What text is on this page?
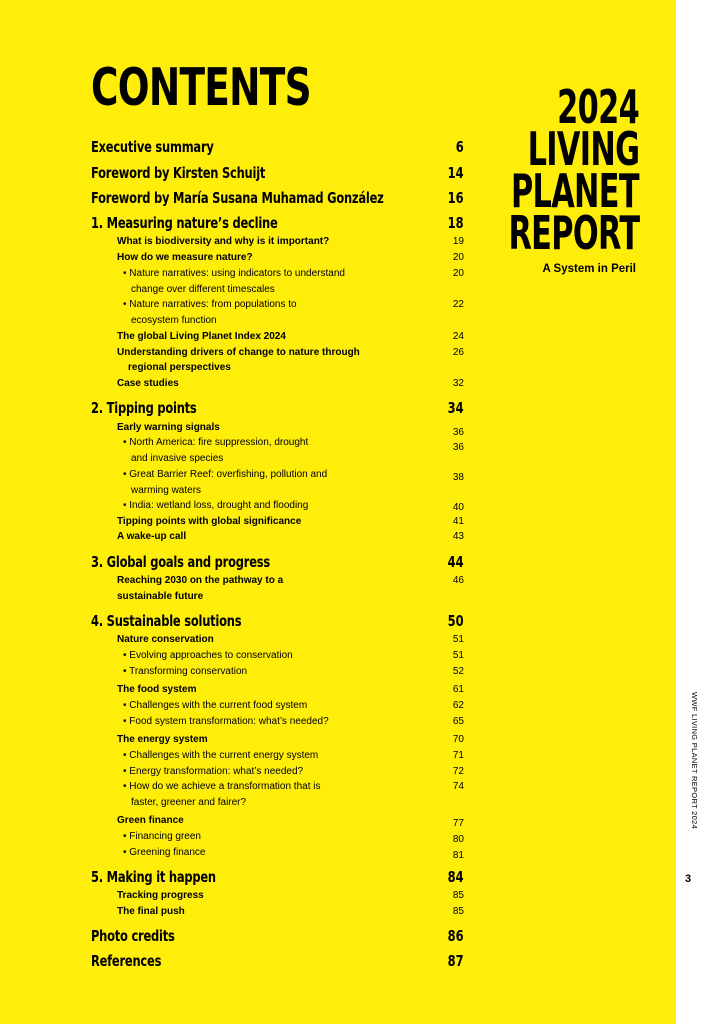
CONTENTS
Executive summary	6
Foreword by Kirsten Schuijt	14
Foreword by María Susana Muhamad González	16
1. Measuring nature’s decline	18
What is biodiversity and why is it important?	19
How do we measure nature?	20
• Nature narratives: using indicators to understand	20
change over different timescales
• Nature narratives: from populations to	22
ecosystem function
The global Living Planet Index 2024	24
Understanding drivers of change to nature through	26
regional perspectives
Case studies	32
2. Tipping points	34
Early warning signals	36
• North America: fire suppression, drought	36
and invasive species
• Great Barrier Reef: overfishing, pollution and	38
warming waters
• India: wetland loss, drought and flooding	40
Tipping points with global significance	41
A wake-up call	43
3. Global goals and progress	44
Reaching 2030 on the pathway to a	46
sustainable future
4. Sustainable solutions	50
Nature conservation	51
• Evolving approaches to conservation	51
• Transforming conservation	52
The food system	61
• Challenges with the current food system	62
• Food system transformation: what’s needed?	65
The energy system	70
• Challenges with the current energy system	71
• Energy transformation: what’s needed?	72
• How do we achieve a transformation that is	74
faster, greener and fairer?
Green finance	77
• Financing green	80
• Greening finance	81
5. Making it happen	84
Tracking progress	85
The final push	85
Photo credits	86
References	87
2024
LIVING
PLANET
REPORT
A System in Peril
WWF LIVING PLANET REPORT 2024
3
